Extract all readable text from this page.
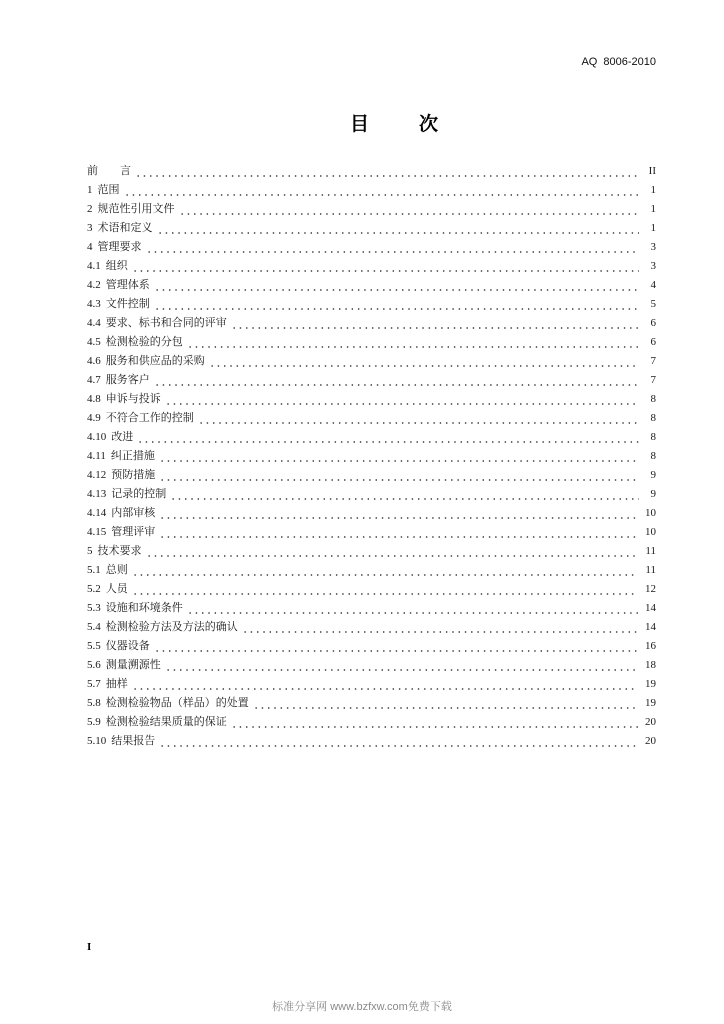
AQ 8006-2010
目　　次
前　　言	II
1 范围	1
2 规范性引用文件	1
3 术语和定义	1
4 管理要求	3
4.1 组织	3
4.2 管理体系	4
4.3 文件控制	5
4.4 要求、标书和合同的评审	6
4.5 检测检验的分包	6
4.6 服务和供应品的采购	7
4.7 服务客户	7
4.8 申诉与投诉	8
4.9 不符合工作的控制	8
4.10 改进	8
4.11 纠正措施	8
4.12 预防措施	9
4.13 记录的控制	9
4.14 内部审核	10
4.15 管理评审	10
5 技术要求	11
5.1 总则	11
5.2 人员	12
5.3 设施和环境条件	14
5.4 检测检验方法及方法的确认	14
5.5 仪器设备	16
5.6 测量溯源性	18
5.7 抽样	19
5.8 检测检验物品（样品）的处置	19
5.9 检测检验结果质量的保证	20
5.10 结果报告	20
I
标准分享网 www.bzfxw.com免费下载
